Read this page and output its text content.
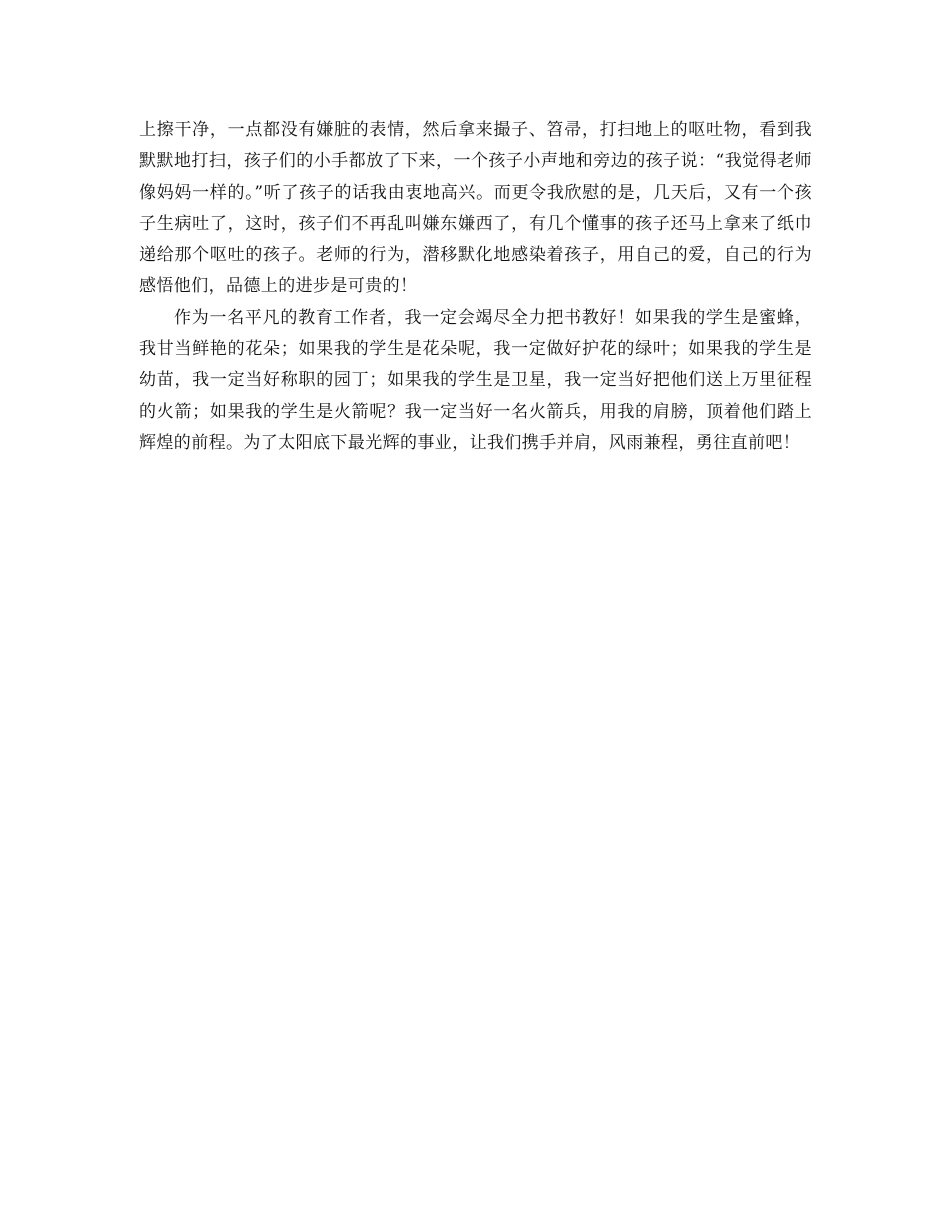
上擦干净，一点都没有嫌脏的表情，然后拿来撮子、笤帚，打扫地上的呕吐物，看到我默默地打扫，孩子们的小手都放了下来，一个孩子小声地和旁边的孩子说：“我觉得老师像妈妈一样的。”听了孩子的话我由衷地高兴。而更令我欣慰的是，几天后，又有一个孩子生病吐了，这时，孩子们不再乱叫嫌东嫌西了，有几个懂事的孩子还马上拿来了纸巾递给那个呕吐的孩子。老师的行为，潜移默化地感染着孩子，用自己的爱，自己的行为感悟他们，品德上的进步是可贵的！

作为一名平凡的教育工作者，我一定会竭尽全力把书教好！如果我的学生是蜜蜂，我甘当鲜艳的花朵；如果我的学生是花朵呢，我一定做好护花的绿叶；如果我的学生是幼苗，我一定当好称职的园丁；如果我的学生是卫星，我一定当好把他们送上万里征程的火箭；如果我的学生是火箭呢？我一定当好一名火箭兵，用我的肩膀，顶着他们踏上辉煌的前程。为了太阳底下最光辉的事业，让我们携手并肩，风雨兼程，勇往直前吧！
